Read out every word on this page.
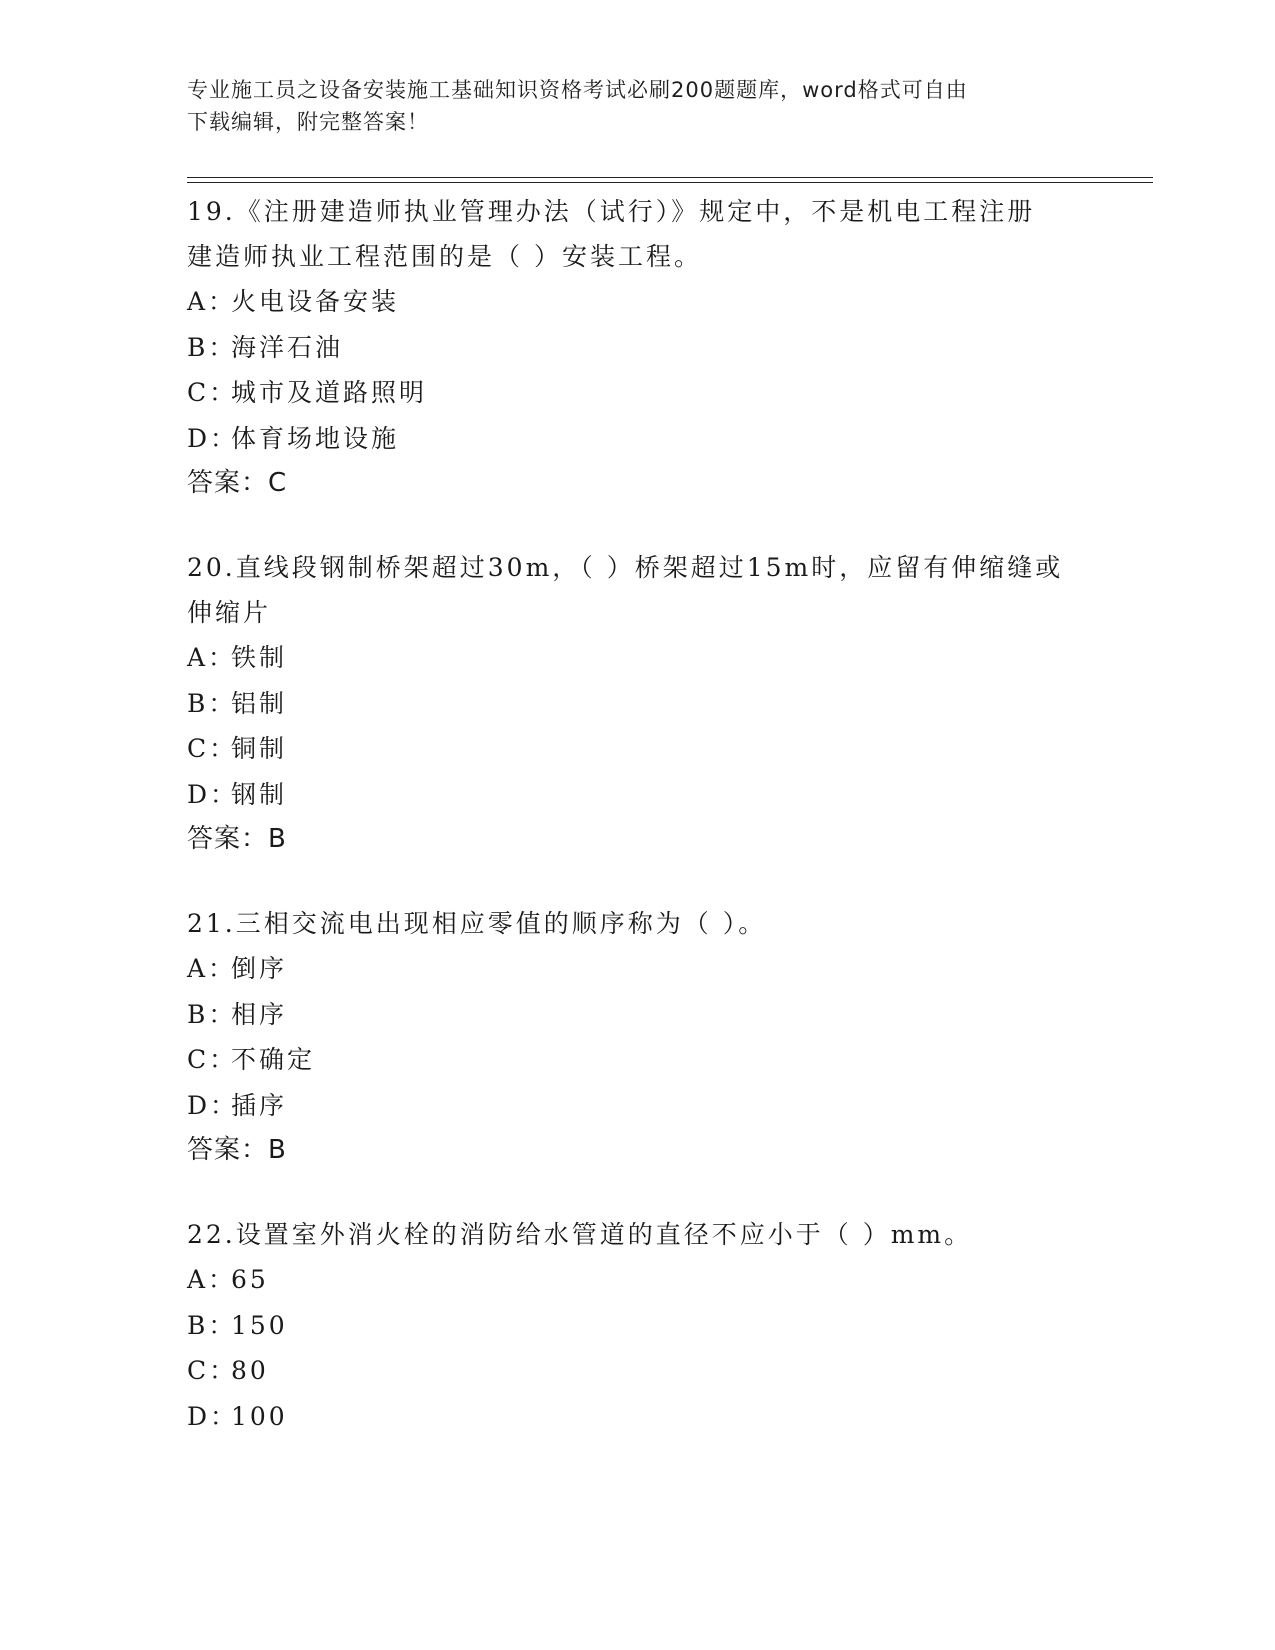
专业施工员之设备安装施工基础知识资格考试必刷200题题库，word格式可自由
下载编辑，附完整答案！

19.《注册建造师执业管理办法（试行）》规定中，不是机电工程注册
建造师执业工程范围的是（ ）安装工程。

A：火电设备安装
B：海洋石油
C：城市及道路照明
D：体育场地设施

答案：C

20.直线段钢制桥架超过30m，（ ）桥架超过15m时，应留有伸缩缝或
伸缩片

A：铁制
B：铝制
C：铜制
D：钢制

答案：B

21.三相交流电出现相应零值的顺序称为（ ）。

A：倒序
B：相序
C：不确定
D：插序

答案：B

22.设置室外消火栓的消防给水管道的直径不应小于（ ）mm。

A：65
B：150
C：80
D：100
